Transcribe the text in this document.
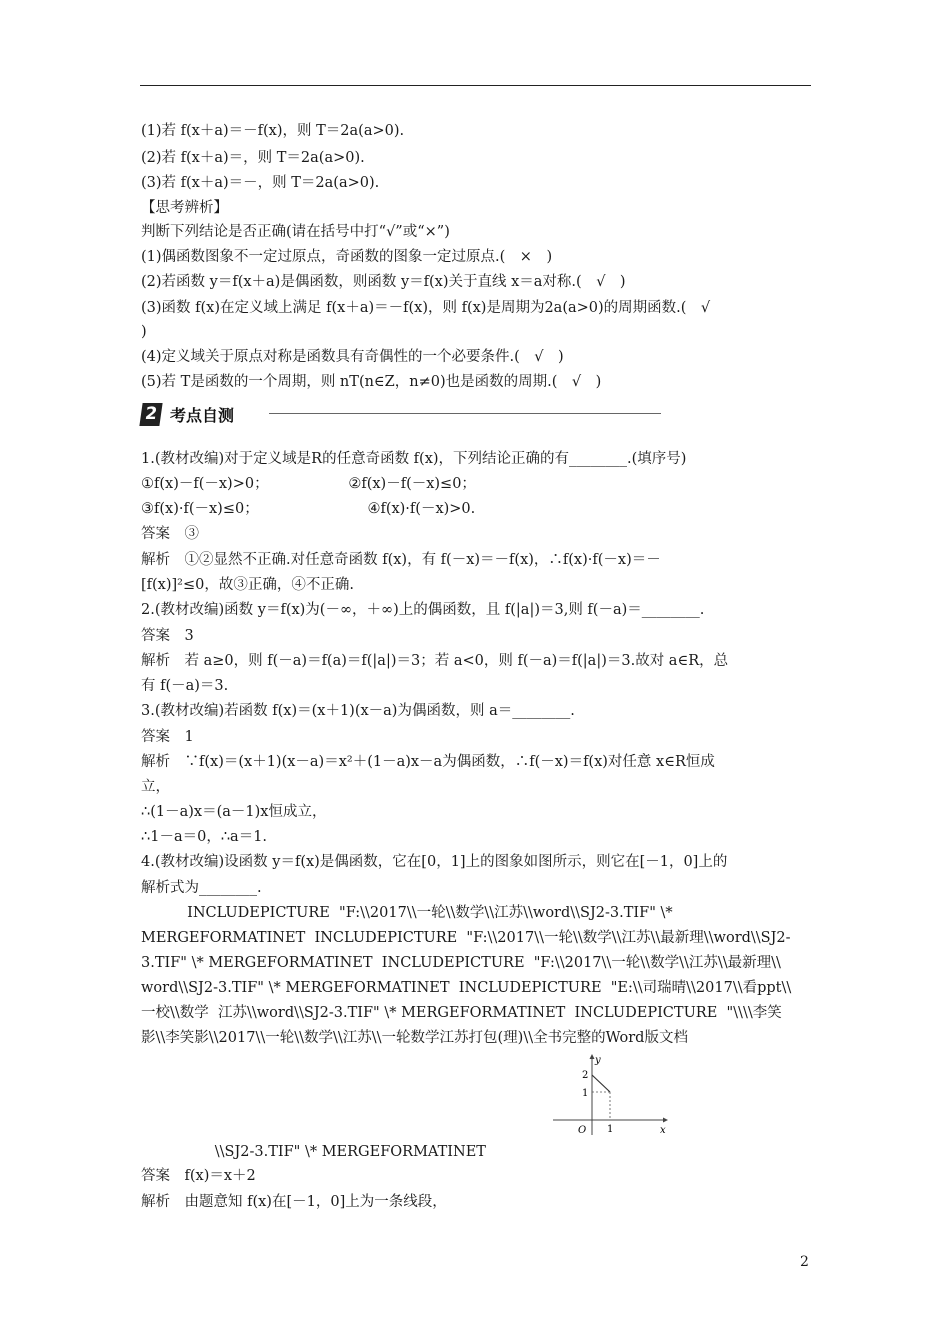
(1)若 f(x＋a)＝－f(x)，则 T＝2a(a>0).
(2)若 f(x＋a)＝，则 T＝2a(a>0).
(3)若 f(x＋a)＝－，则 T＝2a(a>0).
【思考辨析】
判断下列结论是否正确(请在括号中打“√”或“×”)
(1)偶函数图象不一定过原点，奇函数的图象一定过原点.(　×　)
(2)若函数 y＝f(x＋a)是偶函数，则函数 y＝f(x)关于直线 x＝a对称.(　√　)
(3)函数 f(x)在定义域上满足 f(x＋a)＝－f(x)，则 f(x)是周期为2a(a>0)的周期函数.(　√
)
(4)定义域关于原点对称是函数具有奇偶性的一个必要条件.(　√　)
(5)若 T是函数的一个周期，则 nT(n∈Z，n≠0)也是函数的周期.(　√　)
1.(教材改编)对于定义域是R的任意奇函数 f(x)，下列结论正确的有________.(填序号)
①f(x)－f(－x)>0；　　　　　　②f(x)－f(－x)≤0；
③f(x)·f(－x)≤0；　　　　　　　　④f(x)·f(－x)>0.
答案　③
解析　①②显然不正确.对任意奇函数 f(x)，有 f(－x)＝－f(x)，∴f(x)·f(－x)＝－
[f(x)]²≤0，故③正确，④不正确.
2.(教材改编)函数 y＝f(x)为(－∞，＋∞)上的偶函数，且 f(|a|)＝3,则 f(－a)＝________.
答案　3
解析　若 a≥0，则 f(－a)＝f(a)＝f(|a|)＝3；若 a<0，则 f(－a)＝f(|a|)＝3.故对 a∈R，总
有 f(－a)＝3.
3.(教材改编)若函数 f(x)＝(x＋1)(x－a)为偶函数，则 a＝________.
答案　1
解析　∵f(x)＝(x＋1)(x－a)＝x²＋(1－a)x－a为偶函数，∴f(－x)＝f(x)对任意 x∈R恒成
立，
∴(1－a)x＝(a－1)x恒成立，
∴1－a＝0，∴a＝1.
4.(教材改编)设函数 y＝f(x)是偶函数，它在[0，1]上的图象如图所示，则它在[－1，0]上的
解析式为________.
INCLUDEPICTURE  "F:\\2017\\一轮\\数学\\江苏\\word\\SJ2-3.TIF" \*
MERGEFORMATINET  INCLUDEPICTURE  "F:\\2017\\一轮\\数学\\江苏\\最新理\\word\\SJ2-
3.TIF" \* MERGEFORMATINET  INCLUDEPICTURE  "F:\\2017\\一轮\\数学\\江苏\\最新理\\
word\\SJ2-3.TIF" \* MERGEFORMATINET  INCLUDEPICTURE  "E:\\司瑞晴\\2017\\看ppt\\
一校\\数学  江苏\\word\\SJ2-3.TIF" \* MERGEFORMATINET  INCLUDEPICTURE  "\\\\李笑
影\\李笑影\\2017\\一轮\\数学\\江苏\\一轮数学江苏打包(理)\\全书完整的Word版文档
\\SJ2-3.TIF" \* MERGEFORMATINET
答案　f(x)＝x＋2
解析　由题意知 f(x)在[－1，0]上为一条线段，
2 考点自测
y
x
O
2
1
1
2
